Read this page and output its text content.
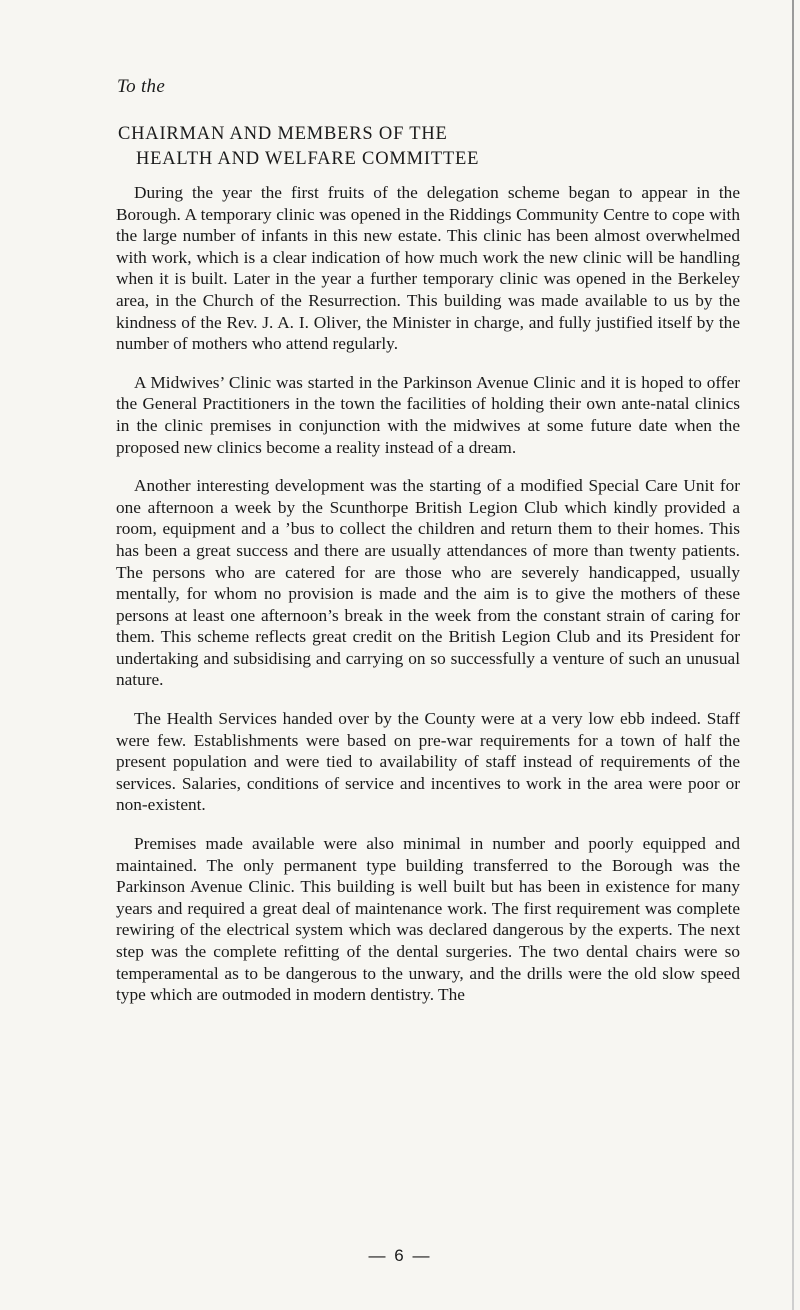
To the
CHAIRMAN AND MEMBERS OF THE
HEALTH AND WELFARE COMMITTEE

During the year the first fruits of the delegation scheme began to appear in the Borough. A temporary clinic was opened in the Riddings Community Centre to cope with the large number of infants in this new estate. This clinic has been almost overwhelmed with work, which is a clear indication of how much work the new clinic will be handling when it is built. Later in the year a further temporary clinic was opened in the Berkeley area, in the Church of the Resurrection. This building was made available to us by the kindness of the Rev. J. A. I. Oliver, the Minister in charge, and fully justified itself by the number of mothers who attend regularly.

A Midwives’ Clinic was started in the Parkinson Avenue Clinic and it is hoped to offer the General Practitioners in the town the facilities of holding their own ante-natal clinics in the clinic premises in conjunction with the midwives at some future date when the proposed new clinics become a reality instead of a dream.

Another interesting development was the starting of a modified Special Care Unit for one afternoon a week by the Scunthorpe British Legion Club which kindly provided a room, equipment and a ’bus to collect the children and return them to their homes. This has been a great success and there are usually attendances of more than twenty patients. The persons who are catered for are those who are severely handicapped, usually mentally, for whom no provision is made and the aim is to give the mothers of these persons at least one afternoon’s break in the week from the constant strain of caring for them. This scheme reflects great credit on the British Legion Club and its President for undertaking and subsidising and carrying on so successfully a venture of such an unusual nature.

The Health Services handed over by the County were at a very low ebb indeed. Staff were few. Establishments were based on pre-war requirements for a town of half the present population and were tied to availability of staff instead of requirements of the services. Salaries, conditions of service and incentives to work in the area were poor or non-existent.

Premises made available were also minimal in number and poorly equipped and maintained. The only permanent type building transferred to the Borough was the Parkinson Avenue Clinic. This building is well built but has been in existence for many years and required a great deal of maintenance work. The first requirement was complete rewiring of the electrical system which was declared dangerous by the experts. The next step was the complete refitting of the dental surgeries. The two dental chairs were so temperamental as to be dangerous to the unwary, and the drills were the old slow speed type which are outmoded in modern dentistry. The

— 6 —
